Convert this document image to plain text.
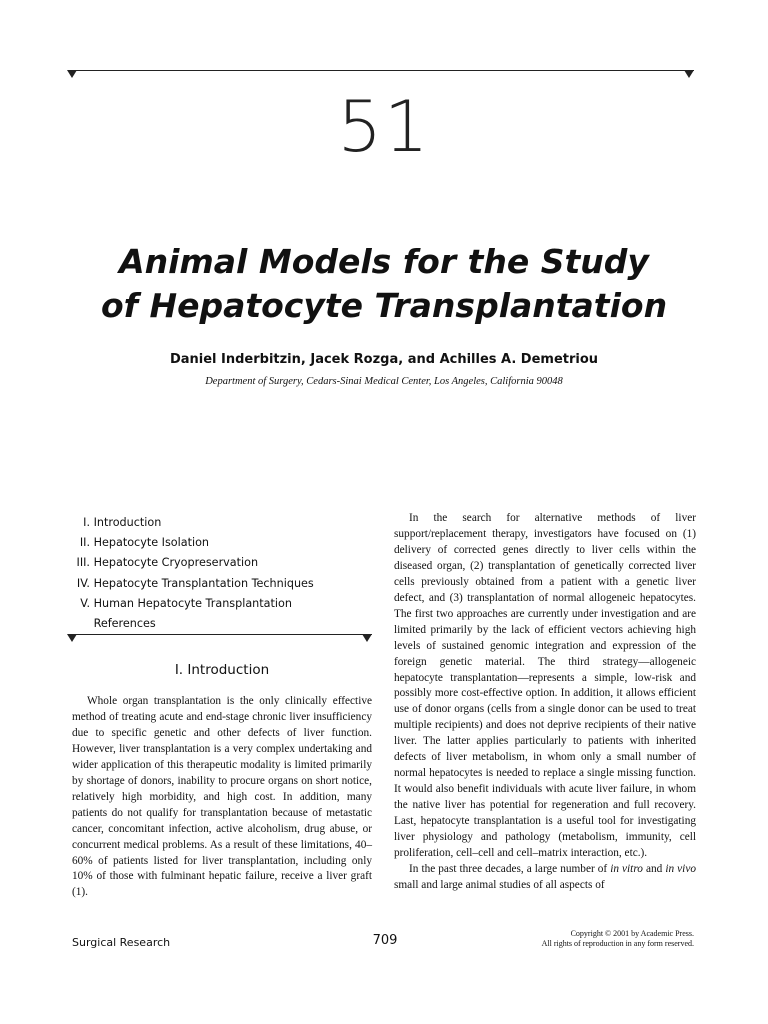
51
Animal Models for the Study
of Hepatocyte Transplantation
Daniel Inderbitzin, Jacek Rozga, and Achilles A. Demetriou
Department of Surgery, Cedars-Sinai Medical Center, Los Angeles, California 90048
I. Introduction
II. Hepatocyte Isolation
III. Hepatocyte Cryopreservation
IV. Hepatocyte Transplantation Techniques
V. Human Hepatocyte Transplantation
References
I. Introduction

Whole organ transplantation is the only clinically effective method of treating acute and end-stage chronic liver insufficiency due to specific genetic and other defects of liver function. However, liver transplantation is a very complex undertaking and wider application of this therapeutic modality is limited primarily by shortage of donors, inability to procure organs on short notice, relatively high morbidity, and high cost. In addition, many patients do not qualify for transplantation because of metastatic cancer, concomitant infection, active alcoholism, drug abuse, or concurrent medical problems. As a result of these limitations, 40–60% of patients listed for liver transplantation, including only 10% of those with fulminant hepatic failure, receive a liver graft (1).

In the search for alternative methods of liver support/replacement therapy, investigators have focused on (1) delivery of corrected genes directly to liver cells within the diseased organ, (2) transplantation of genetically corrected liver cells previously obtained from a patient with a genetic liver defect, and (3) transplantation of normal allogeneic hepatocytes. The first two approaches are currently under investigation and are limited primarily by the lack of efficient vectors achieving high levels of sustained genomic integration and expression of the foreign genetic material. The third strategy—allogeneic hepatocyte transplantation—represents a simple, low-risk and possibly more cost-effective option. In addition, it allows efficient use of donor organs (cells from a single donor can be used to treat multiple recipients) and does not deprive recipients of their native liver. The latter applies particularly to patients with inherited defects of liver metabolism, in whom only a small number of normal hepatocytes is needed to replace a single missing function. It would also benefit individuals with acute liver failure, in whom the native liver has potential for regeneration and full recovery. Last, hepatocyte transplantation is a useful tool for investigating liver physiology and pathology (metabolism, immunity, cell proliferation, cell–cell and cell–matrix interaction, etc.).

In the past three decades, a large number of in vitro and in vivo small and large animal studies of all aspects of

Surgical Research	709	Copyright © 2001 by Academic Press.
All rights of reproduction in any form reserved.
